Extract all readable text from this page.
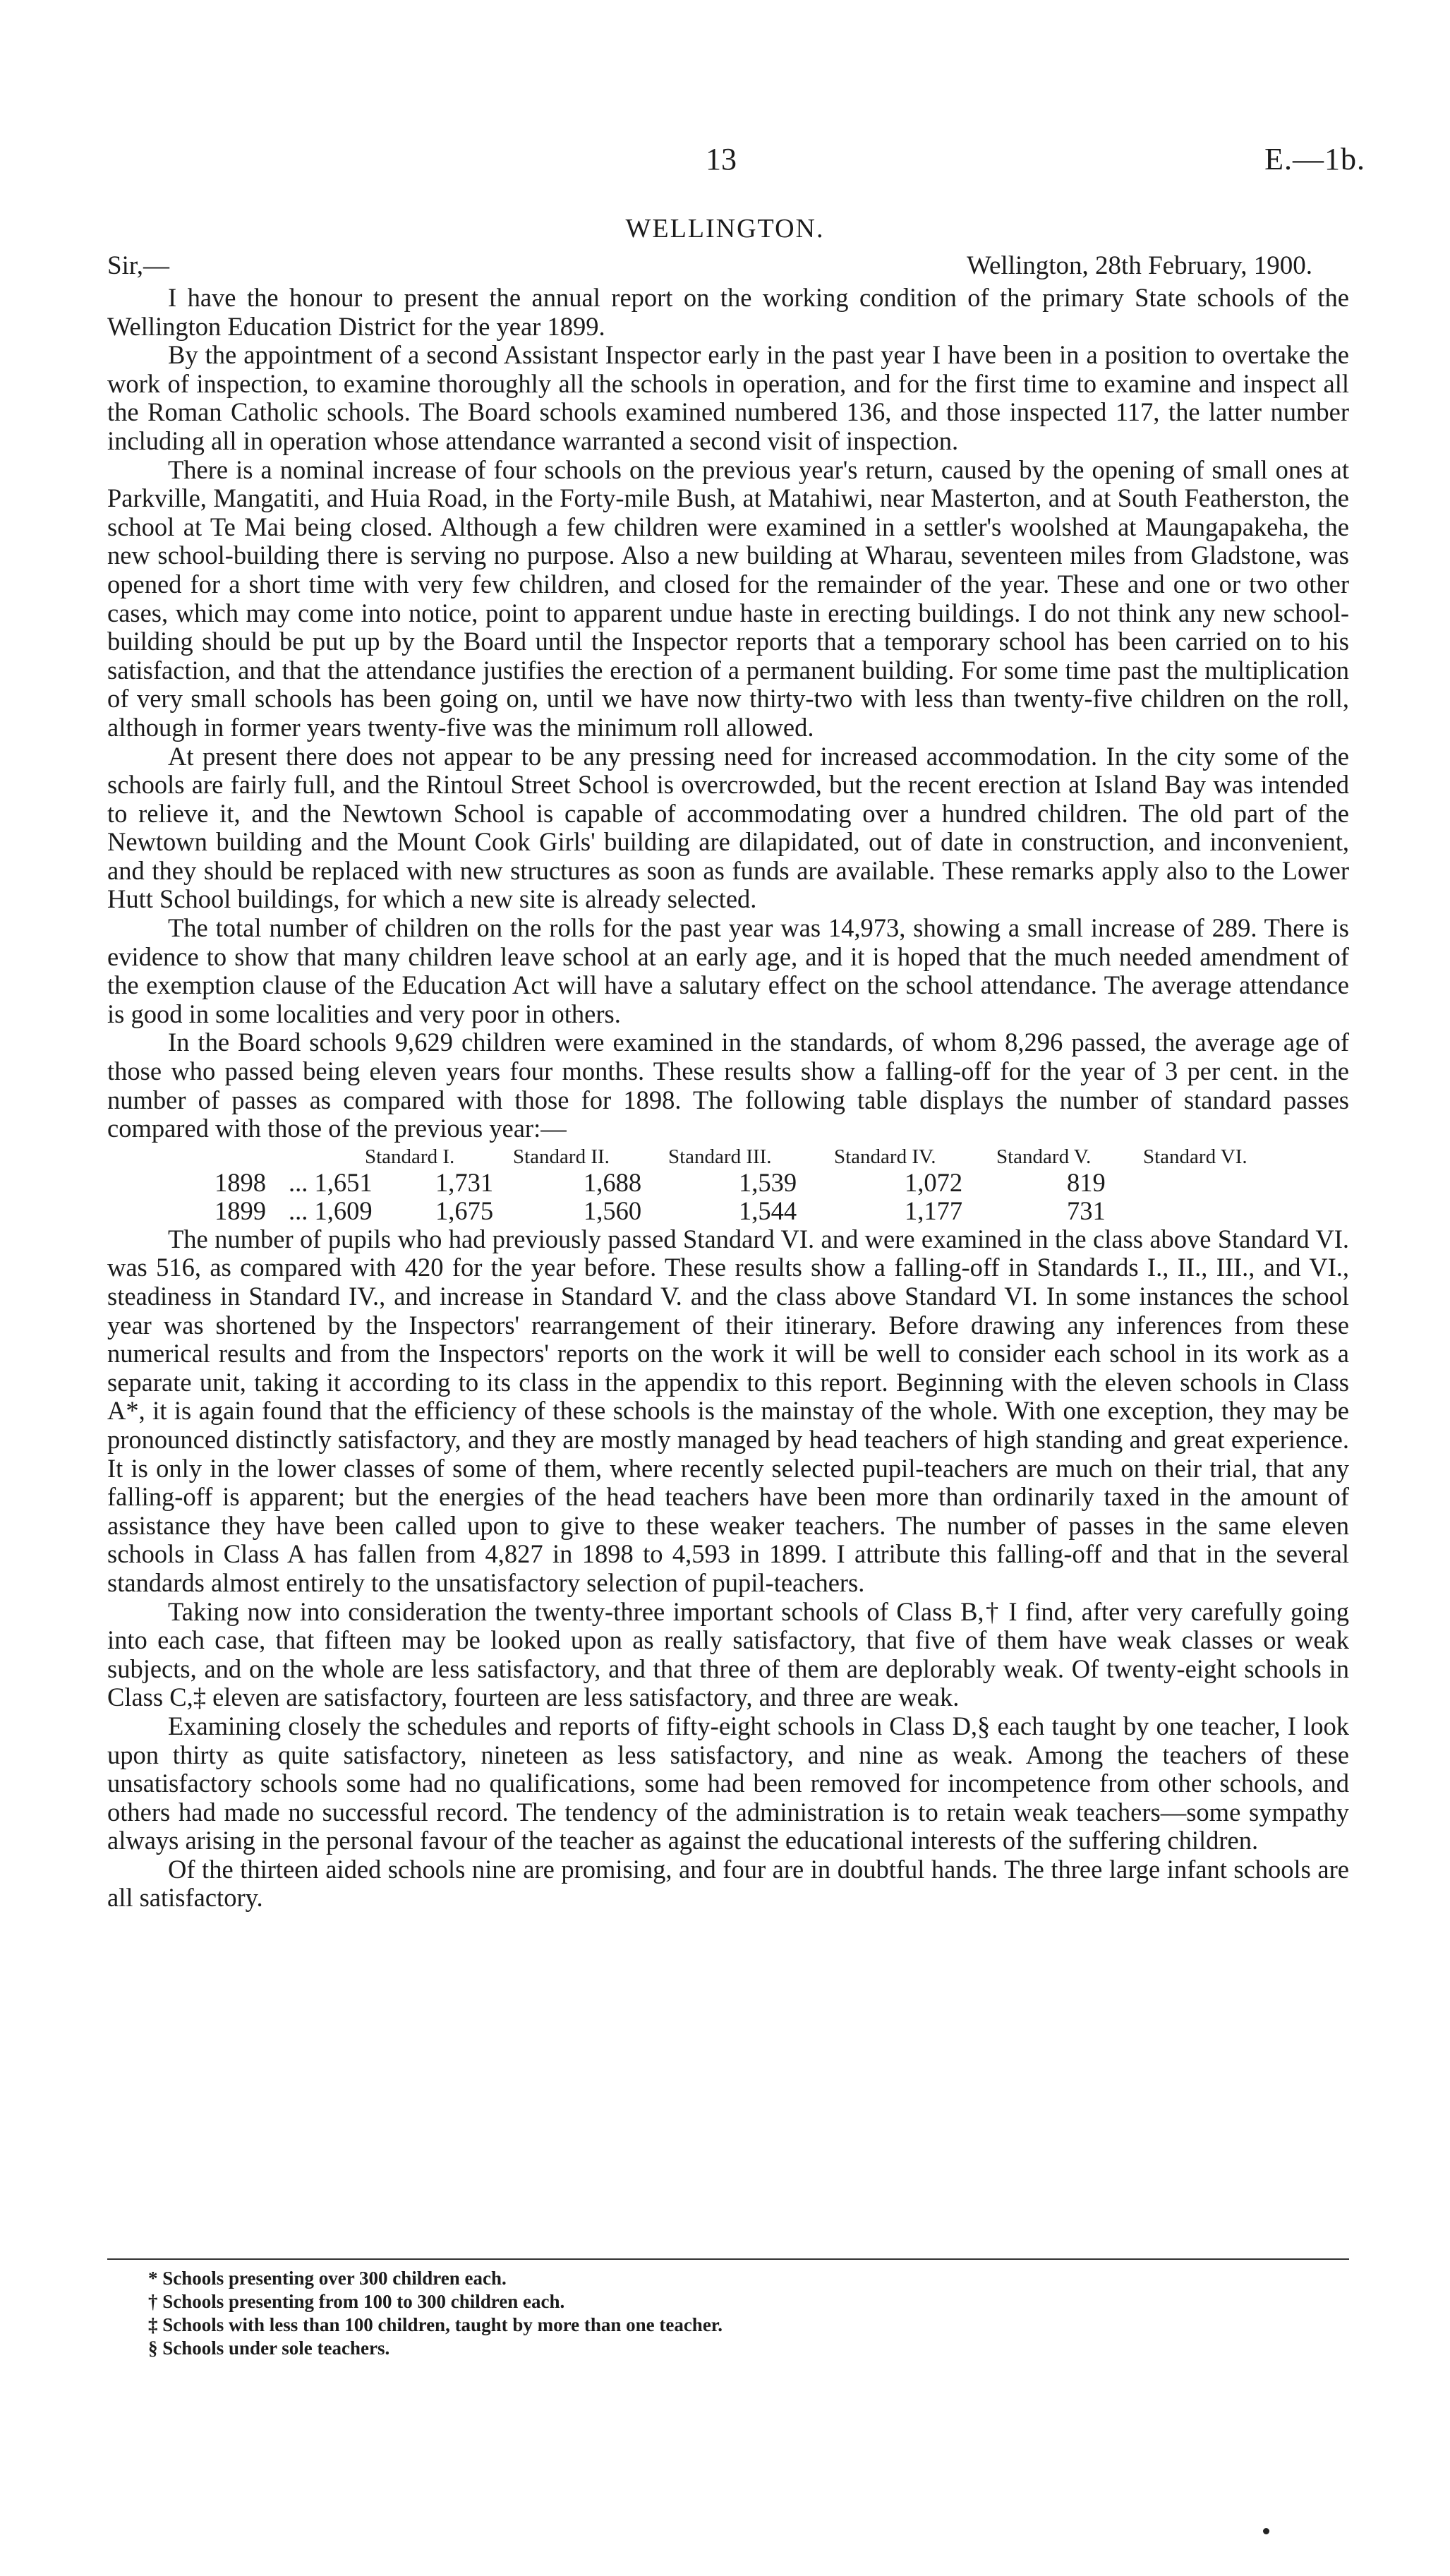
13	E.—1b.
WELLINGTON.
Sir,—	Wellington, 28th February, 1900.

I have the honour to present the annual report on the working condition of the primary State schools of the Wellington Education District for the year 1899.

By the appointment of a second Assistant Inspector early in the past year I have been in a position to overtake the work of inspection, to examine thoroughly all the schools in operation, and for the first time to examine and inspect all the Roman Catholic schools. The Board schools examined numbered 136, and those inspected 117, the latter number including all in operation whose attendance warranted a second visit of inspection.

There is a nominal increase of four schools on the previous year's return, caused by the opening of small ones at Parkville, Mangatiti, and Huia Road, in the Forty-mile Bush, at Matahiwi, near Masterton, and at South Featherston, the school at Te Mai being closed. Although a few children were examined in a settler's woolshed at Maungapakeha, the new school-building there is serving no purpose. Also a new building at Wharau, seventeen miles from Gladstone, was opened for a short time with very few children, and closed for the remainder of the year. These and one or two other cases, which may come into notice, point to apparent undue haste in erecting buildings. I do not think any new school-building should be put up by the Board until the Inspector reports that a temporary school has been carried on to his satisfaction, and that the attendance justifies the erection of a permanent building. For some time past the multiplication of very small schools has been going on, until we have now thirty-two with less than twenty-five children on the roll, although in former years twenty-five was the minimum roll allowed.

At present there does not appear to be any pressing need for increased accommodation. In the city some of the schools are fairly full, and the Rintoul Street School is overcrowded, but the recent erection at Island Bay was intended to relieve it, and the Newtown School is capable of accommodating over a hundred children. The old part of the Newtown building and the Mount Cook Girls' building are dilapidated, out of date in construction, and inconvenient, and they should be replaced with new structures as soon as funds are available. These remarks apply also to the Lower Hutt School buildings, for which a new site is already selected.

The total number of children on the rolls for the past year was 14,973, showing a small increase of 289. There is evidence to show that many children leave school at an early age, and it is hoped that the much needed amendment of the exemption clause of the Education Act will have a salutary effect on the school attendance. The average attendance is good in some localities and very poor in others.

In the Board schools 9,629 children were examined in the standards, of whom 8,296 passed, the average age of those who passed being eleven years four months. These results show a falling-off for the year of 3 per cent. in the number of passes as compared with those for 1898. The following table displays the number of standard passes compared with those of the previous year:—

Standard I.	Standard II.	Standard III.	Standard IV.	Standard V.	Standard VI.
1898 ... 1,651	1,731	1,688	1,539	1,072	819
1899 ... 1,609	1,675	1,560	1,544	1,177	731

The number of pupils who had previously passed Standard VI. and were examined in the class above Standard VI. was 516, as compared with 420 for the year before. These results show a falling-off in Standards I., II., III., and VI., steadiness in Standard IV., and increase in Standard V. and the class above Standard VI. In some instances the school year was shortened by the Inspectors' rearrangement of their itinerary. Before drawing any inferences from these numerical results and from the Inspectors' reports on the work it will be well to consider each school in its work as a separate unit, taking it according to its class in the appendix to this report. Beginning with the eleven schools in Class A*, it is again found that the efficiency of these schools is the mainstay of the whole. With one exception, they may be pronounced distinctly satisfactory, and they are mostly managed by head teachers of high standing and great experience. It is only in the lower classes of some of them, where recently selected pupil-teachers are much on their trial, that any falling-off is apparent; but the energies of the head teachers have been more than ordinarily taxed in the amount of assistance they have been called upon to give to these weaker teachers. The number of passes in the same eleven schools in Class A has fallen from 4,827 in 1898 to 4,593 in 1899. I attribute this falling-off and that in the several standards almost entirely to the unsatisfactory selection of pupil-teachers.

Taking now into consideration the twenty-three important schools of Class B,† I find, after very carefully going into each case, that fifteen may be looked upon as really satisfactory, that five of them have weak classes or weak subjects, and on the whole are less satisfactory, and that three of them are deplorably weak. Of twenty-eight schools in Class C,‡ eleven are satisfactory, fourteen are less satisfactory, and three are weak.

Examining closely the schedules and reports of fifty-eight schools in Class D,§ each taught by one teacher, I look upon thirty as quite satisfactory, nineteen as less satisfactory, and nine as weak. Among the teachers of these unsatisfactory schools some had no qualifications, some had been removed for incompetence from other schools, and others had made no successful record. The tendency of the administration is to retain weak teachers—some sympathy always arising in the personal favour of the teacher as against the educational interests of the suffering children.

Of the thirteen aided schools nine are promising, and four are in doubtful hands. The three large infant schools are all satisfactory.

* Schools presenting over 300 children each.
† Schools presenting from 100 to 300 children each.
‡ Schools with less than 100 children, taught by more than one teacher.
§ Schools under sole teachers.
